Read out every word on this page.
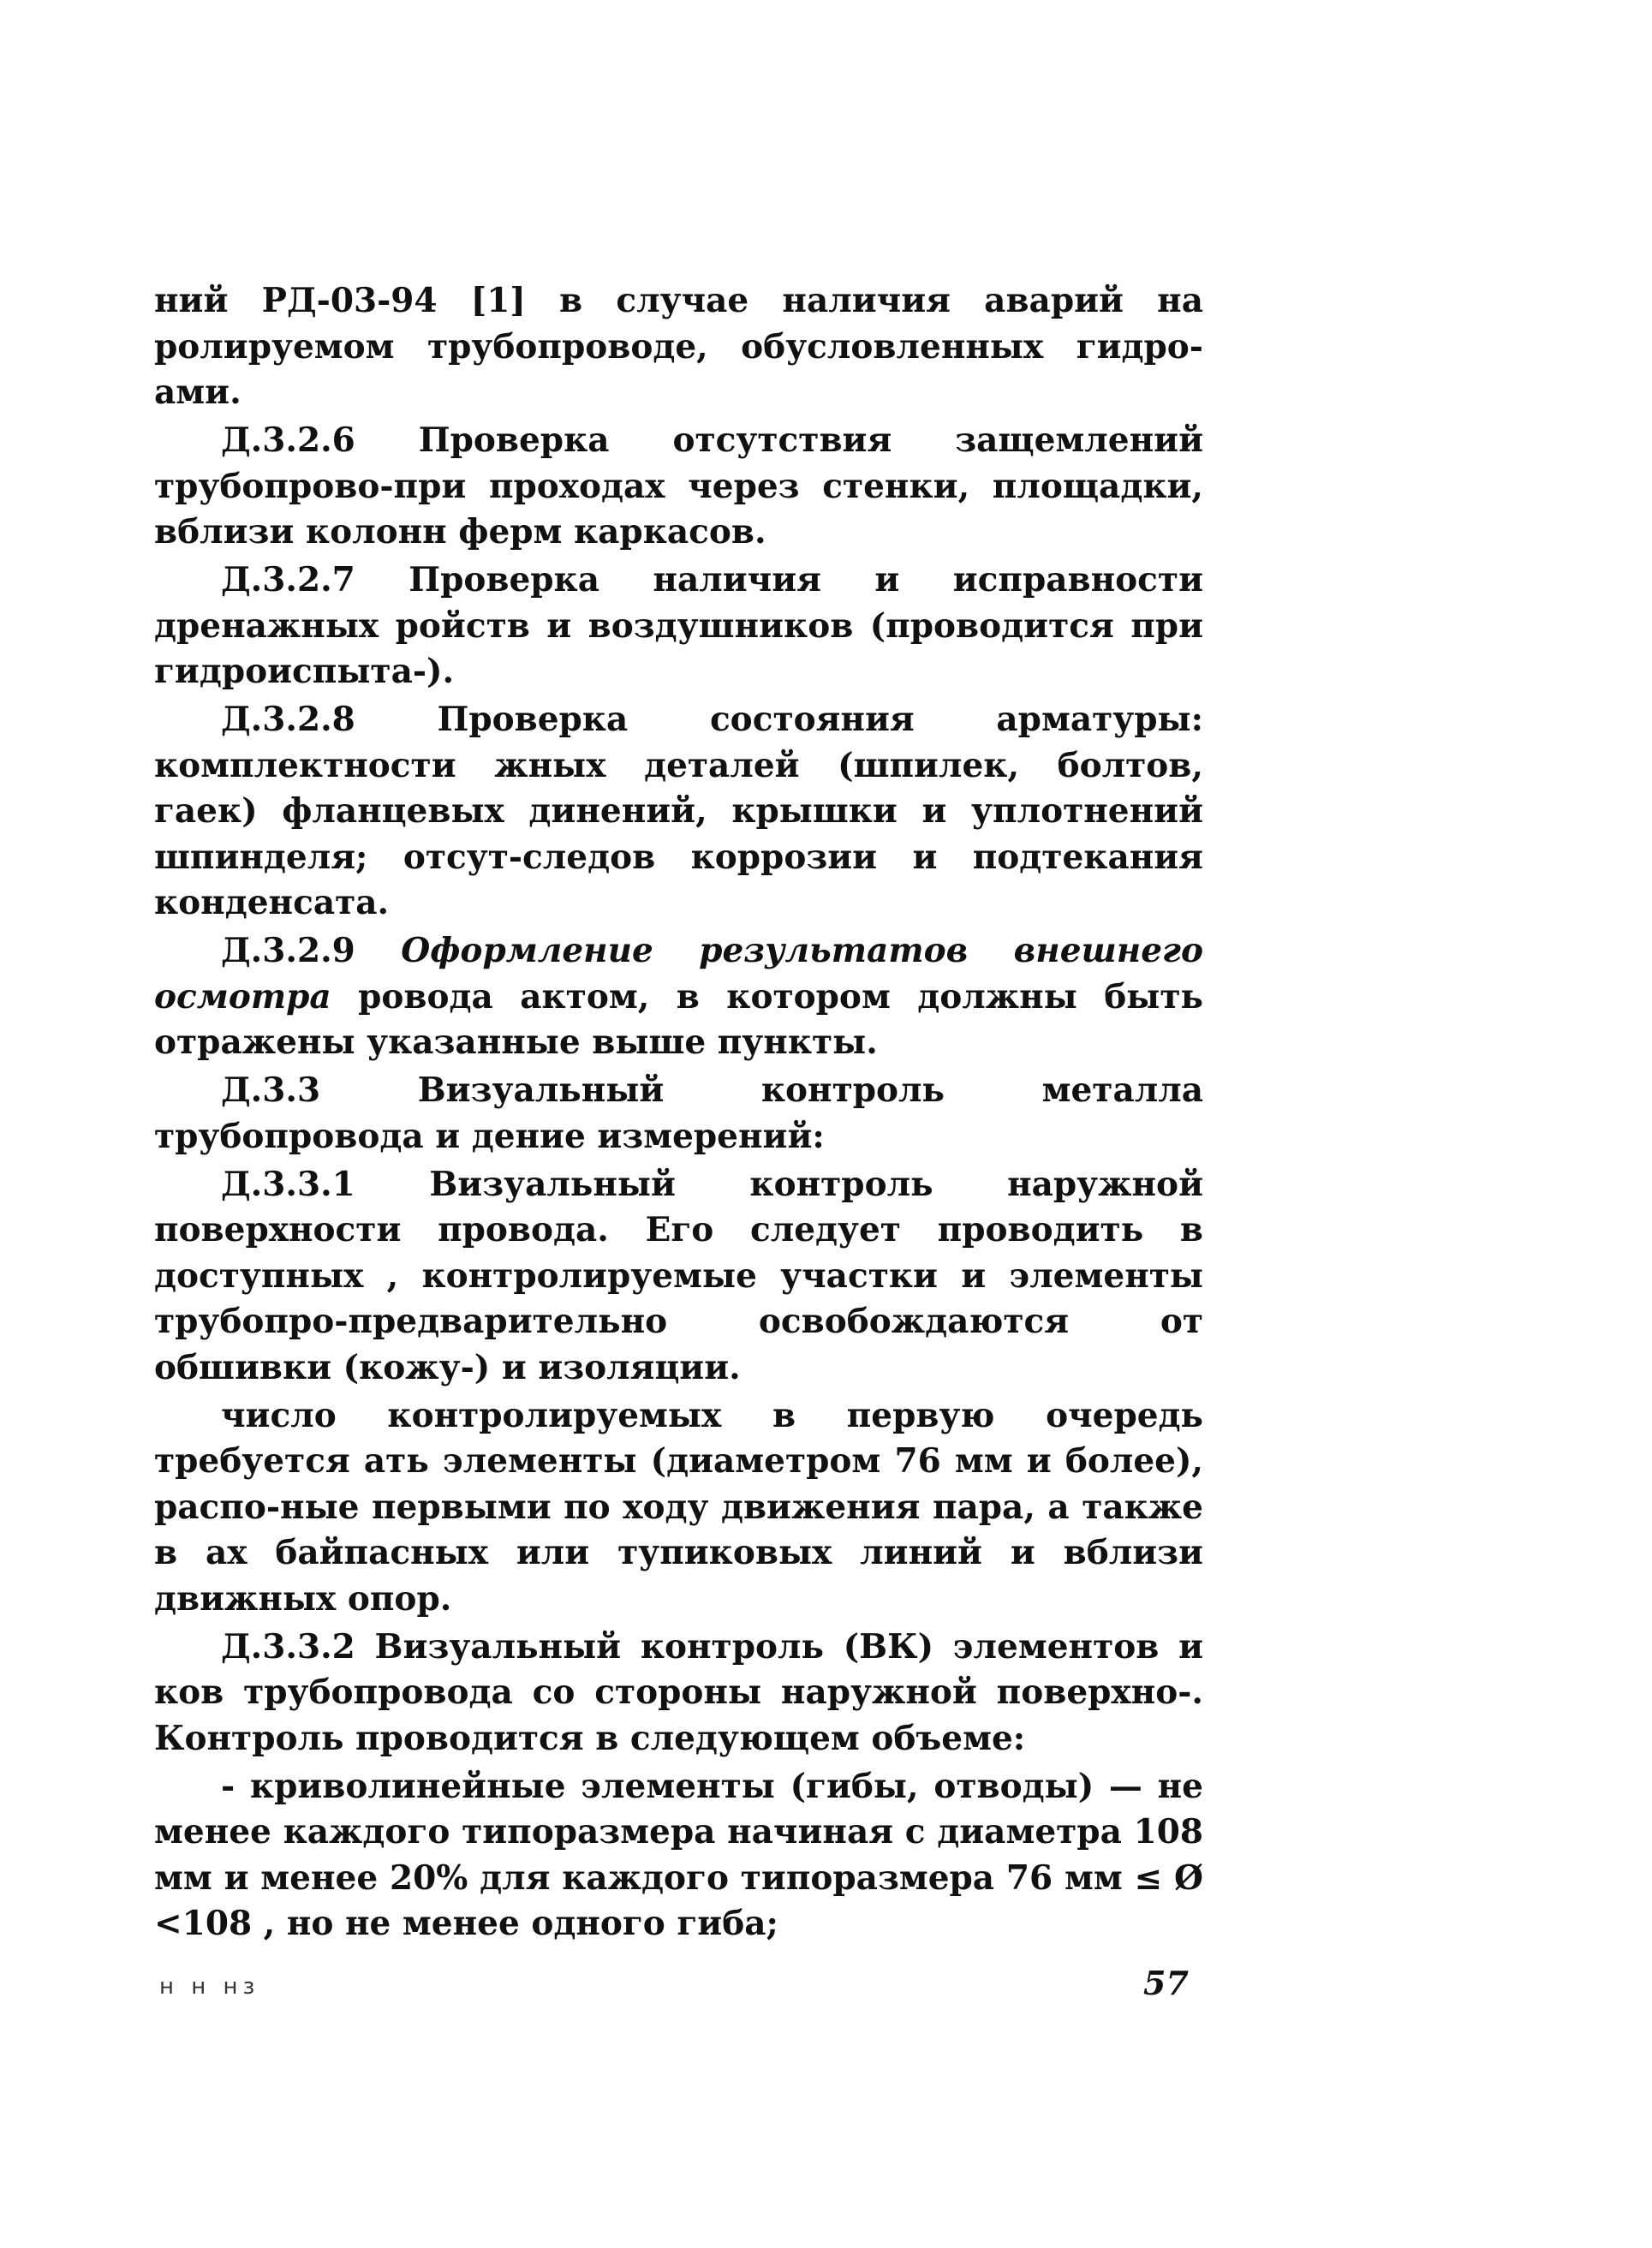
ний РД-03-94 [1] в случае наличия аварий на ролируемом трубопроводе, обусловленных гидро-ами.

Д.3.2.6 Проверка отсутствия защемлений трубопрово-при проходах через стенки, площадки, вблизи колонн ферм каркасов.

Д.3.2.7 Проверка наличия и исправности дренажных ройств и воздушников (проводится при гидроиспыта-).

Д.3.2.8 Проверка состояния арматуры: комплектности жных деталей (шпилек, болтов, гаек) фланцевых динений, крышки и уплотнений шпинделя; отсут-следов коррозии и подтекания конденсата.

Д.3.2.9 Оформление результатов внешнего осмотра ровода актом, в котором должны быть отражены указанные выше пункты.

Д.3.3 Визуальный контроль металла трубопровода и дение измерений:

Д.3.3.1 Визуальный контроль наружной поверхности провода. Его следует проводить в доступных , контролируемые участки и элементы трубопро-предварительно освобождаются от обшивки (кожу-) и изоляции.

число контролируемых в первую очередь требуется ать элементы (диаметром 76 мм и более), распо-ные первыми по ходу движения пара, а также в ах байпасных или тупиковых линий и вблизи движных опор.

Д.3.3.2 Визуальный контроль (ВК) элементов и ков трубопровода со стороны наружной поверхно-. Контроль проводится в следующем объеме:

- криволинейные элементы (гибы, отводы) — не менее каждого типоразмера начиная с диаметра 108 мм и менее 20% для каждого типоразмера 76 мм ≤ Ø <108 , но не менее одного гиба;

н н нз	57
